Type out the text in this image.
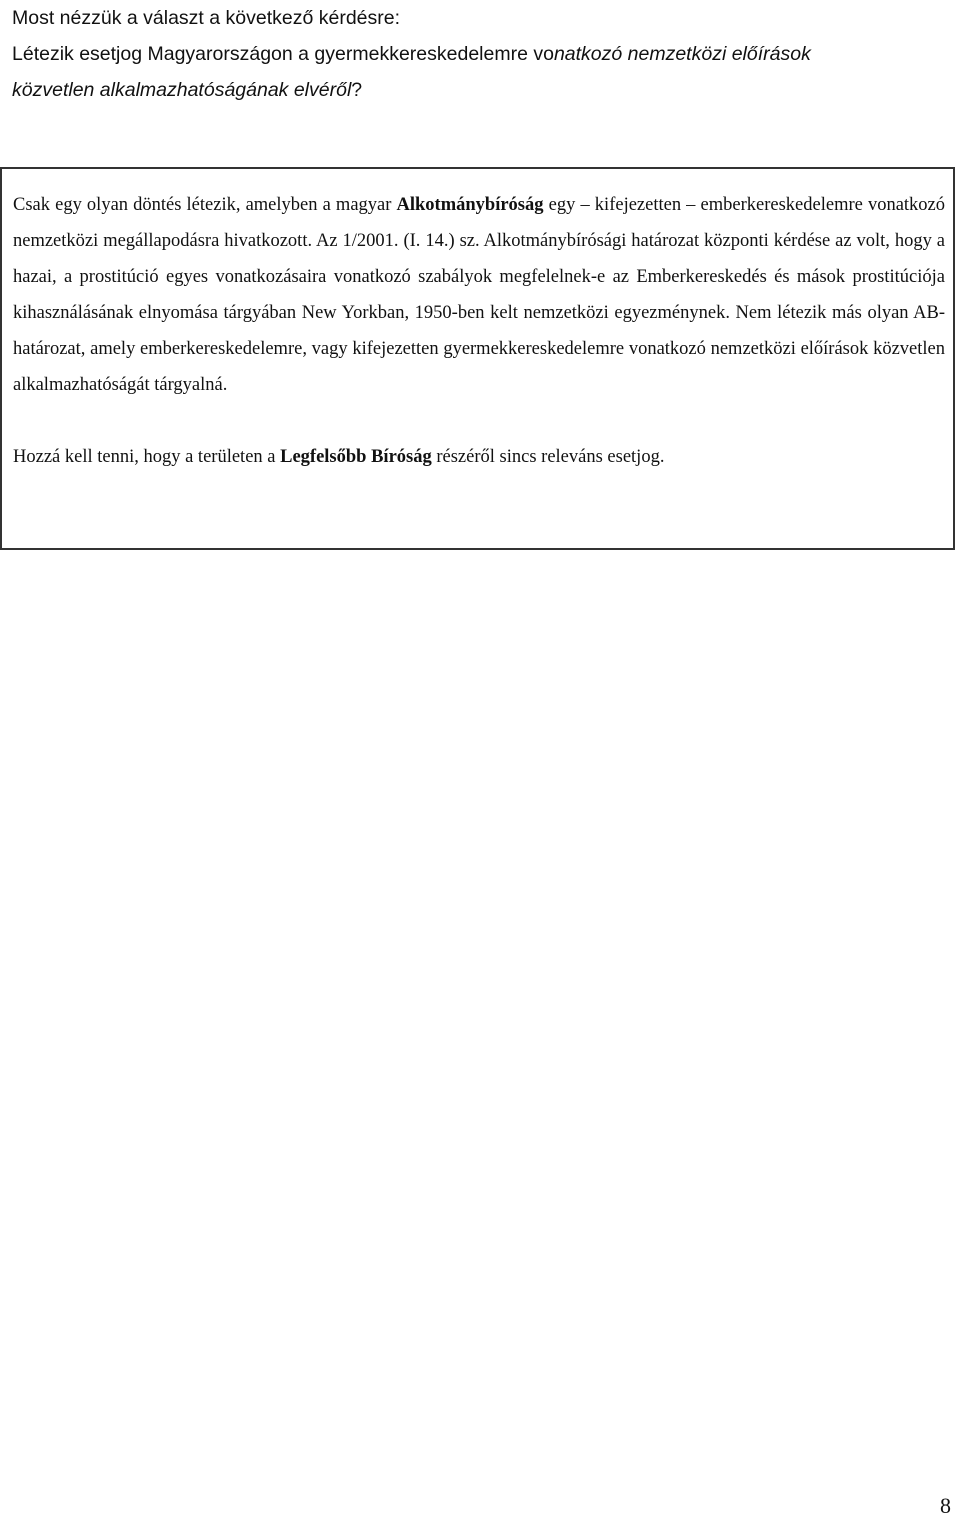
Most nézzük a választ a következő kérdésre:
Létezik esetjog Magyarországon a gyermekkereskedelemre vonatkozó nemzetközi előírások
közvetlen alkalmazhatóságának elvéről?

Csak egy olyan döntés létezik, amelyben a magyar Alkotmánybíróság egy – kifejezetten – emberkereskedelemre vonatkozó nemzetközi megállapodásra hivatkozott. Az 1/2001. (I. 14.) sz. Alkotmánybírósági határozat központi kérdése az volt, hogy a hazai, a prostitúció egyes vonatkozásaira vonatkozó szabályok megfelelnek-e az Emberkereskedés és mások prostitúciója kihasználásának elnyomása tárgyában New Yorkban, 1950-ben kelt nemzetközi egyezménynek. Nem létezik más olyan AB-határozat, amely emberkereskedelemre, vagy kifejezetten gyermekkereskedelemre vonatkozó nemzetközi előírások közvetlen alkalmazhatóságát tárgyalná.

Hozzá kell tenni, hogy a területen a Legfelsőbb Bíróság részéről sincs releváns esetjog.

8
